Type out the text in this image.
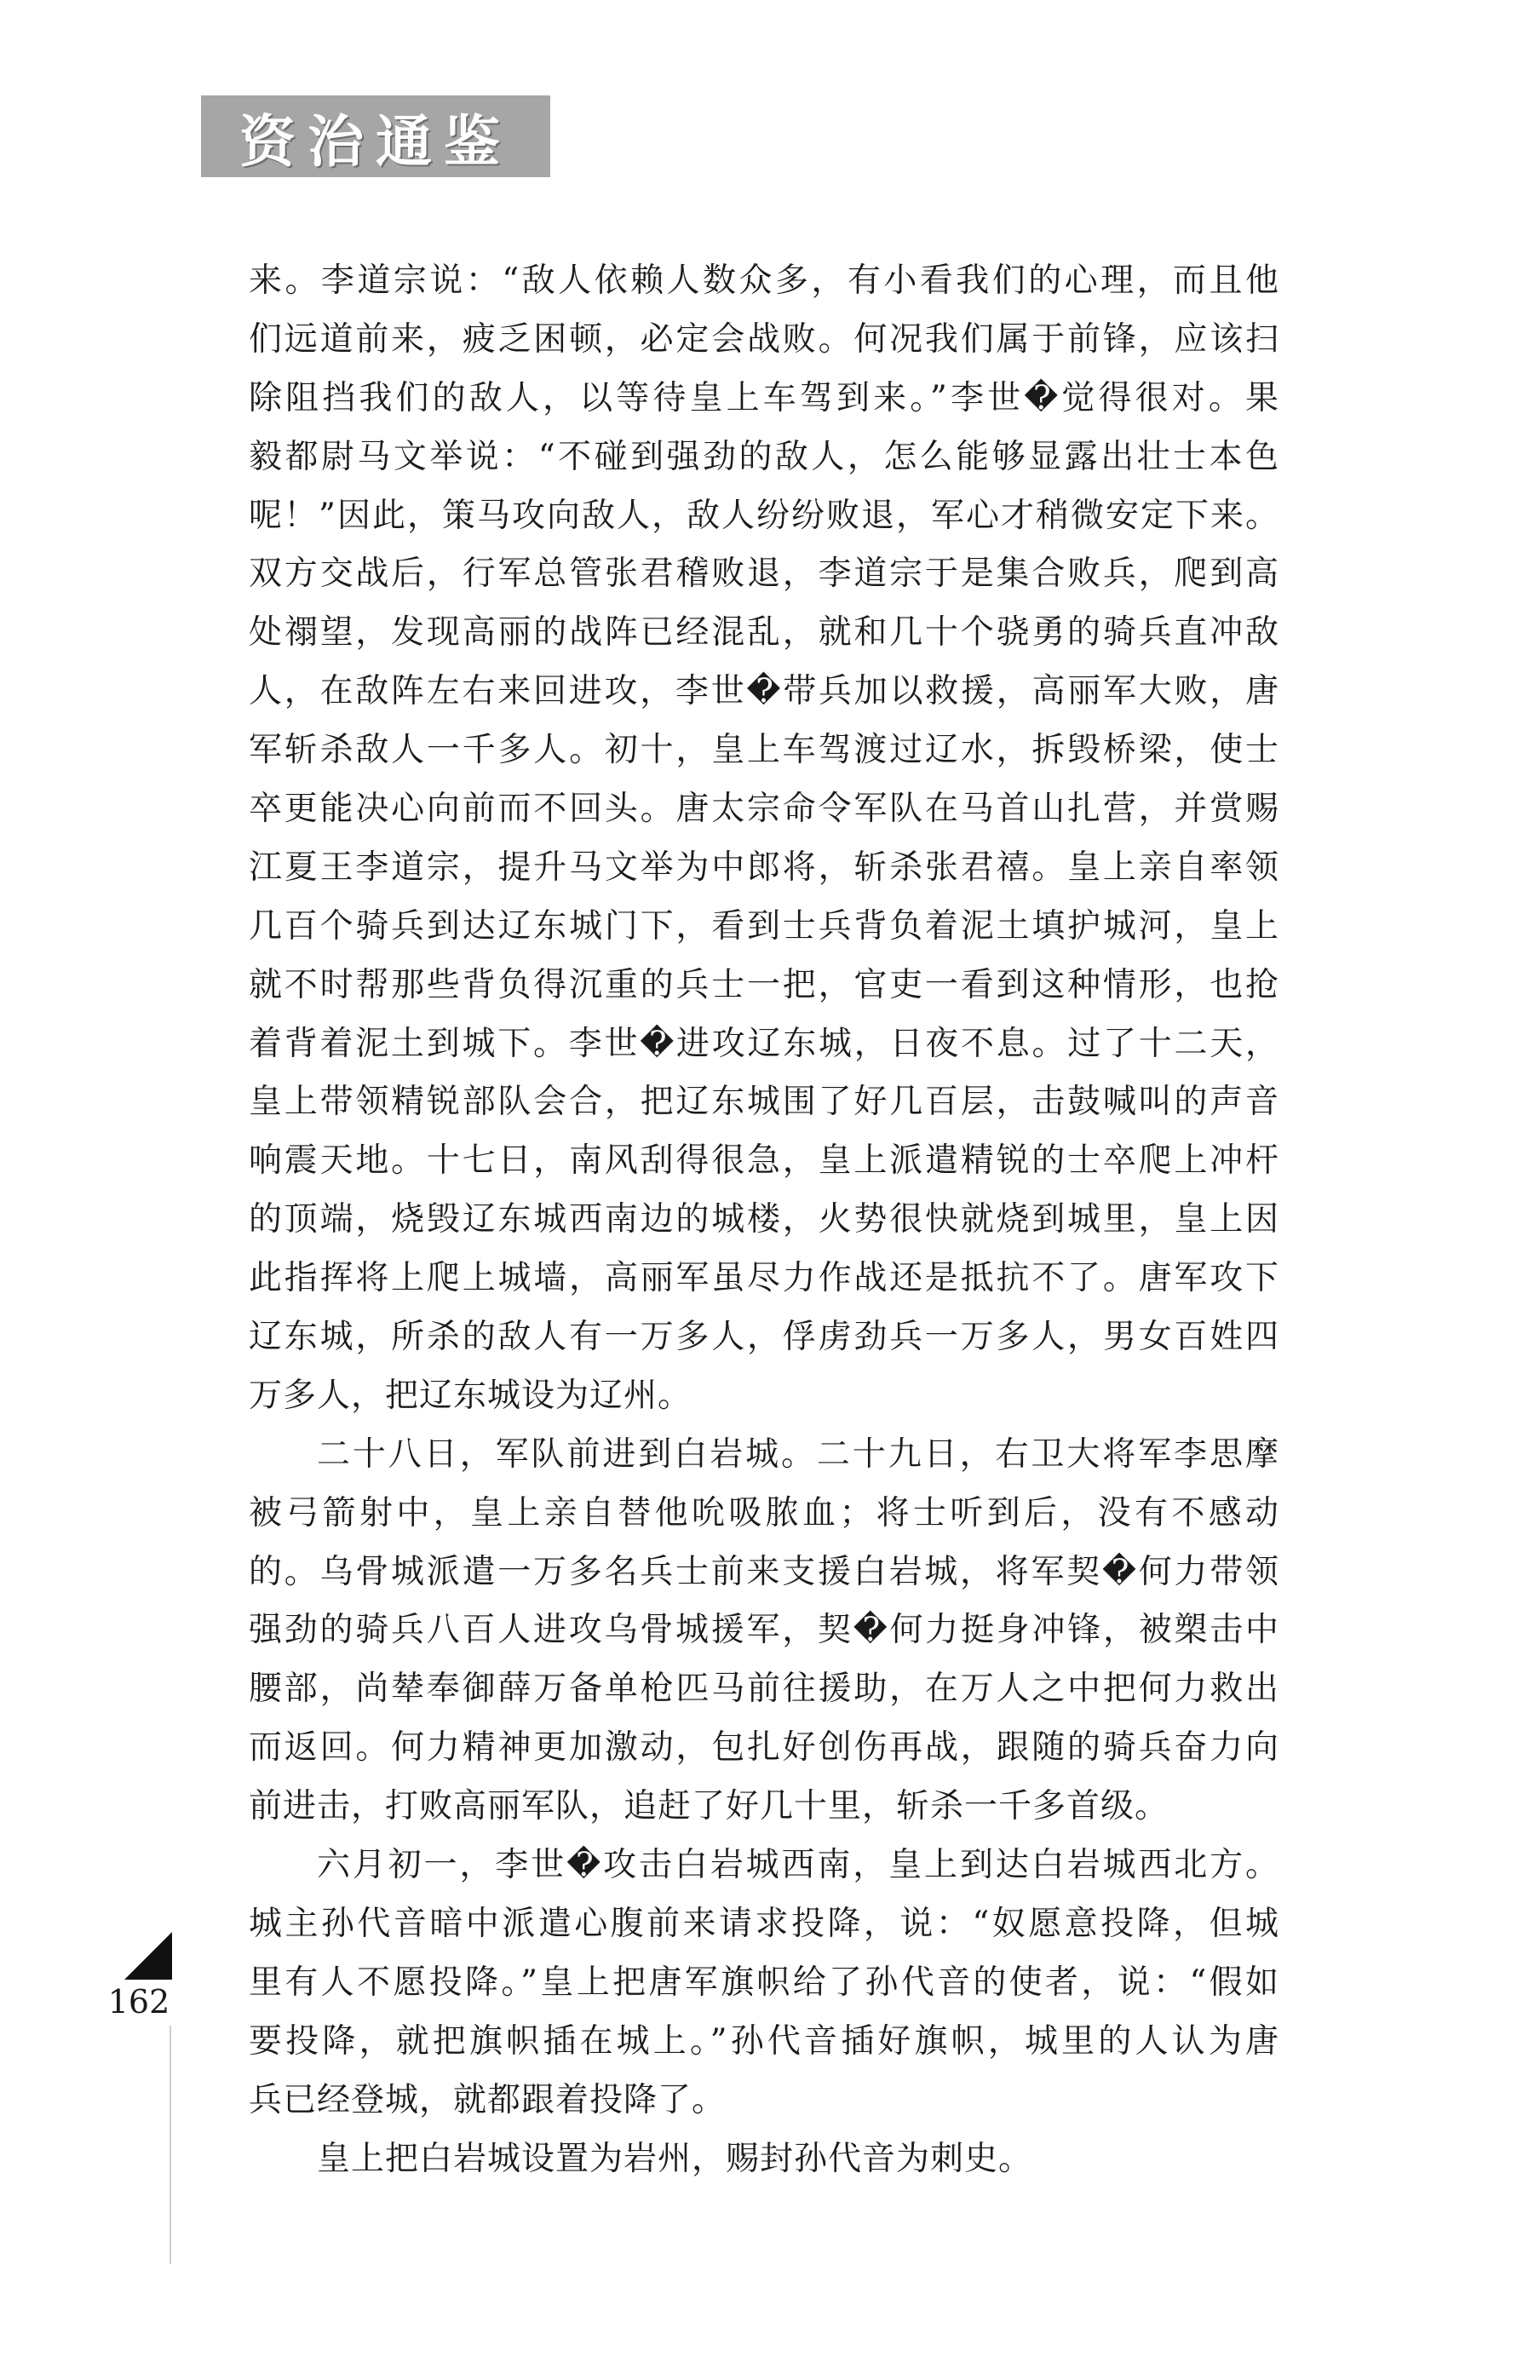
资治通鉴
来。李道宗说：“敌人依赖人数众多，有小看我们的心理，而且他
们远道前来，疲乏困顿，必定会战败。何况我们属于前锋，应该扫
除阻挡我们的敌人，以等待皇上车驾到来。”李世�觉得很对。果
毅都尉马文举说：“不碰到强劲的敌人，怎么能够显露出壮士本色
呢！”因此，策马攻向敌人，敌人纷纷败退，军心才稍微安定下来。
双方交战后，行军总管张君稽败退，李道宗于是集合败兵，爬到高
处禤望，发现高丽的战阵已经混乱，就和几十个骁勇的骑兵直冲敌
人，在敌阵左右来回进攻，李世�带兵加以救援，高丽军大败，唐
军斩杀敌人一千多人。初十，皇上车驾渡过辽水，拆毁桥梁，使士
卒更能决心向前而不回头。唐太宗命令军队在马首山扎营，并赏赐
江夏王李道宗，提升马文举为中郎将，斩杀张君禧。皇上亲自率领
几百个骑兵到达辽东城门下，看到士兵背负着泥土填护城河，皇上
就不时帮那些背负得沉重的兵士一把，官吏一看到这种情形，也抢
着背着泥土到城下。李世�进攻辽东城，日夜不息。过了十二天，
皇上带领精锐部队会合，把辽东城围了好几百层，击鼓喊叫的声音
响震天地。十七日，南风刮得很急，皇上派遣精锐的士卒爬上冲杆
的顶端，烧毁辽东城西南边的城楼，火势很快就烧到城里，皇上因
此指挥将上爬上城墙，高丽军虽尽力作战还是抵抗不了。唐军攻下
辽东城，所杀的敌人有一万多人，俘虏劲兵一万多人，男女百姓四
万多人，把辽东城设为辽州。
二十八日，军队前进到白岩城。二十九日，右卫大将军李思摩
被弓箭射中，皇上亲自替他吮吸脓血；将士听到后，没有不感动
的。乌骨城派遣一万多名兵士前来支援白岩城，将军契�何力带领
强劲的骑兵八百人进攻乌骨城援军，契�何力挺身冲锋，被槊击中
腰部，尚辇奉御薛万备单枪匹马前往援助，在万人之中把何力救出
而返回。何力精神更加激动，包扎好创伤再战，跟随的骑兵奋力向
前进击，打败高丽军队，追赶了好几十里，斩杀一千多首级。
六月初一，李世�攻击白岩城西南，皇上到达白岩城西北方。
城主孙代音暗中派遣心腹前来请求投降，说：“奴愿意投降，但城
里有人不愿投降。”皇上把唐军旗帜给了孙代音的使者，说：“假如
要投降，就把旗帜插在城上。”孙代音插好旗帜，城里的人认为唐
兵已经登城，就都跟着投降了。
皇上把白岩城设置为岩州，赐封孙代音为刺史。
162
